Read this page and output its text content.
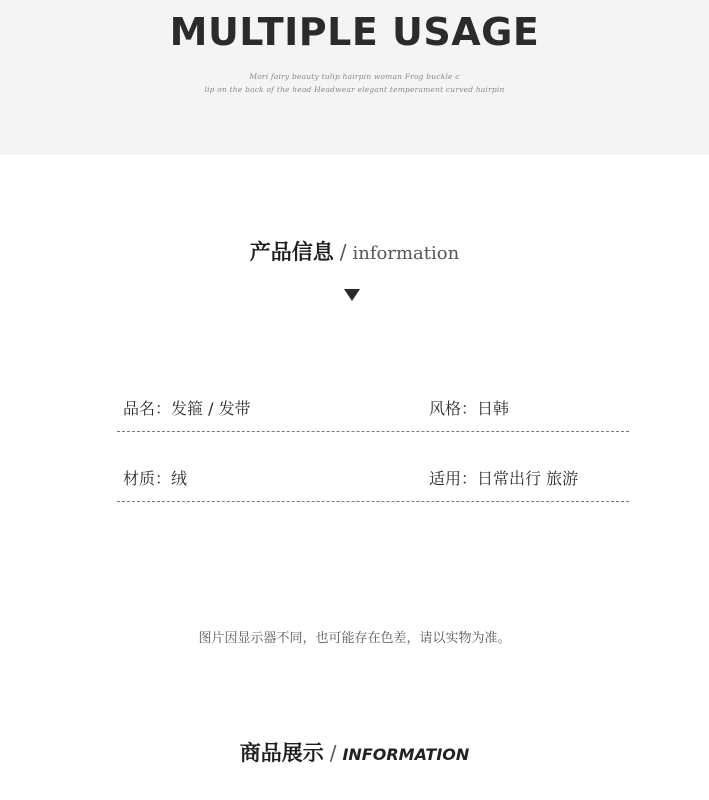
MULTIPLE USAGE
Mori fairy beauty tulip hairpin woman Frog buckle c
lip on the back of the head Headwear elegant temperament curved hairpin
产品信息 / information
品名：发箍 / 发带	风格：日韩
材质：绒	适用：日常出行 旅游
图片因显示器不同，也可能存在色差，请以实物为准。
商品展示 / INFORMATION
